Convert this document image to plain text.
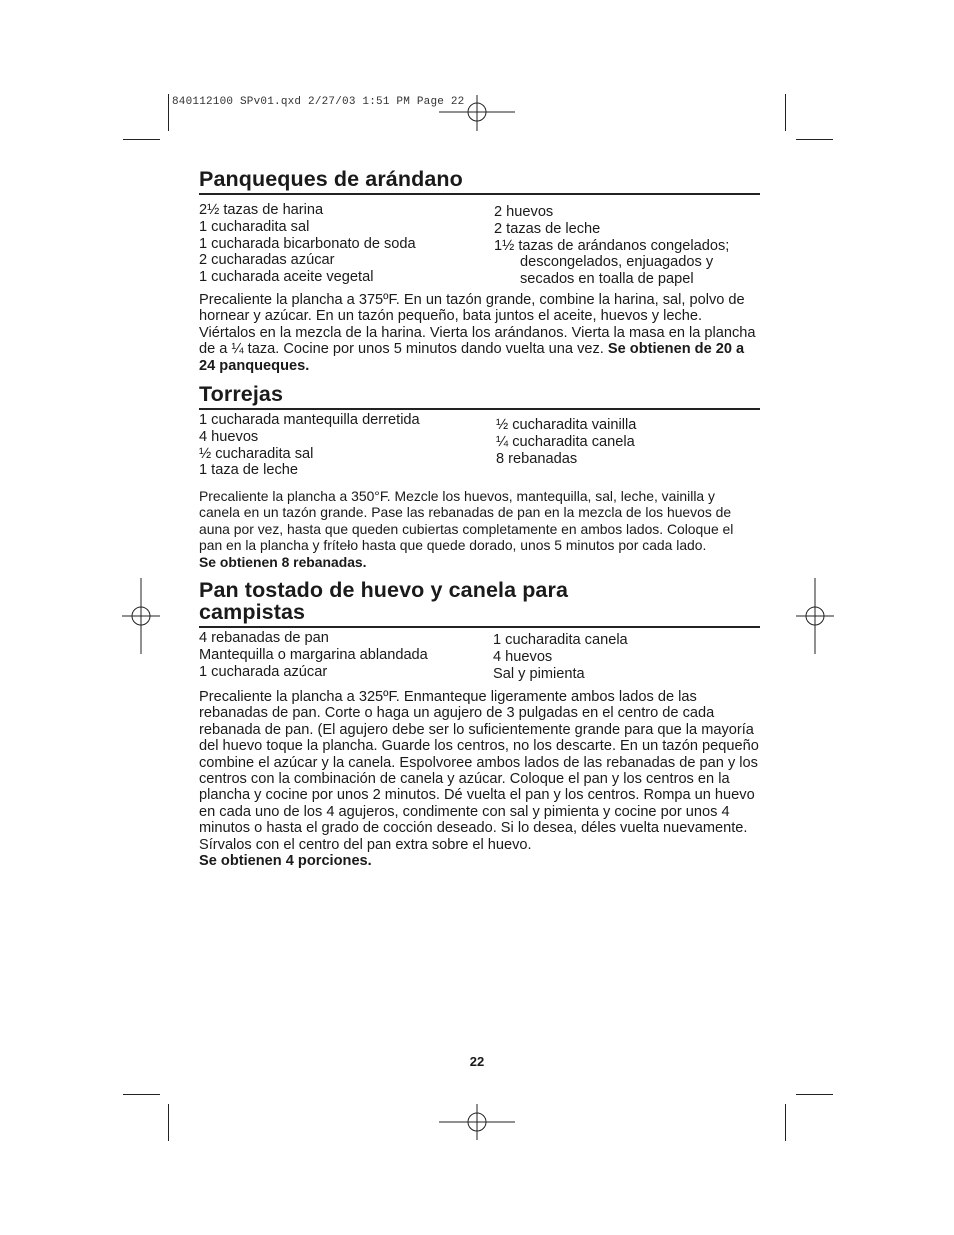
840112100 SPv01.qxd 2/27/03 1:51 PM Page 22
Panqueques de arándano
2½ tazas de harina
1 cucharadita sal
1 cucharada bicarbonato de soda
2 cucharadas azúcar
1 cucharada aceite vegetal
2 huevos
2 tazas de leche
1½ tazas de arándanos congelados;
descongelados, enjuagados y
secados en toalla de papel
Precaliente la plancha a 375ºF. En un tazón grande, combine la harina, sal, polvo de hornear y azúcar. En un tazón pequeño, bata juntos el aceite, huevos y leche. Viértalos en la mezcla de la harina. Vierta los arándanos. Vierta la masa en la plancha de a ¼ taza. Cocine por unos 5 minutos dando vuelta una vez. Se obtienen de 20 a 24 panqueques.
Torrejas
1 cucharada mantequilla derretida
4 huevos
½ cucharadita sal
1 taza de leche
½ cucharadita vainilla
¼ cucharadita canela
8 rebanadas
Precaliente la plancha a 350°F. Mezcle los huevos, mantequilla, sal, leche, vainilla y canela en un tazón grande. Pase las rebanadas de pan en la mezcla de los huevos de auna por vez, hasta que queden cubiertas completamente en ambos lados. Coloque el pan en la plancha y fríteło hasta que quede dorado, unos 5 minutos por cada lado.
Se obtienen 8 rebanadas.
Pan tostado de huevo y canela para
campistas
4 rebanadas de pan
Mantequilla o margarina ablandada
1 cucharada azúcar
1 cucharadita canela
4 huevos
Sal y pimienta
Precaliente la plancha a 325ºF. Enmanteque ligeramente ambos lados de las rebanadas de pan. Corte o haga un agujero de 3 pulgadas en el centro de cada rebanada de pan. (El agujero debe ser lo suficientemente grande para que la mayoría del huevo toque la plancha. Guarde los centros, no los descarte. En un tazón pequeño combine el azúcar y la canela. Espolvoree ambos lados de las rebanadas de pan y los centros con la combinación de canela y azúcar. Coloque el pan y los centros en la plancha y cocine por unos 2 minutos. Dé vuelta el pan y los centros. Rompa un huevo en cada uno de los 4 agujeros, condimente con sal y pimienta y cocine por unos 4 minutos o hasta el grado de cocción deseado. Si lo desea, déles vuelta nuevamente. Sírvalos con el centro del pan extra sobre el huevo.
Se obtienen 4 porciones.
22
